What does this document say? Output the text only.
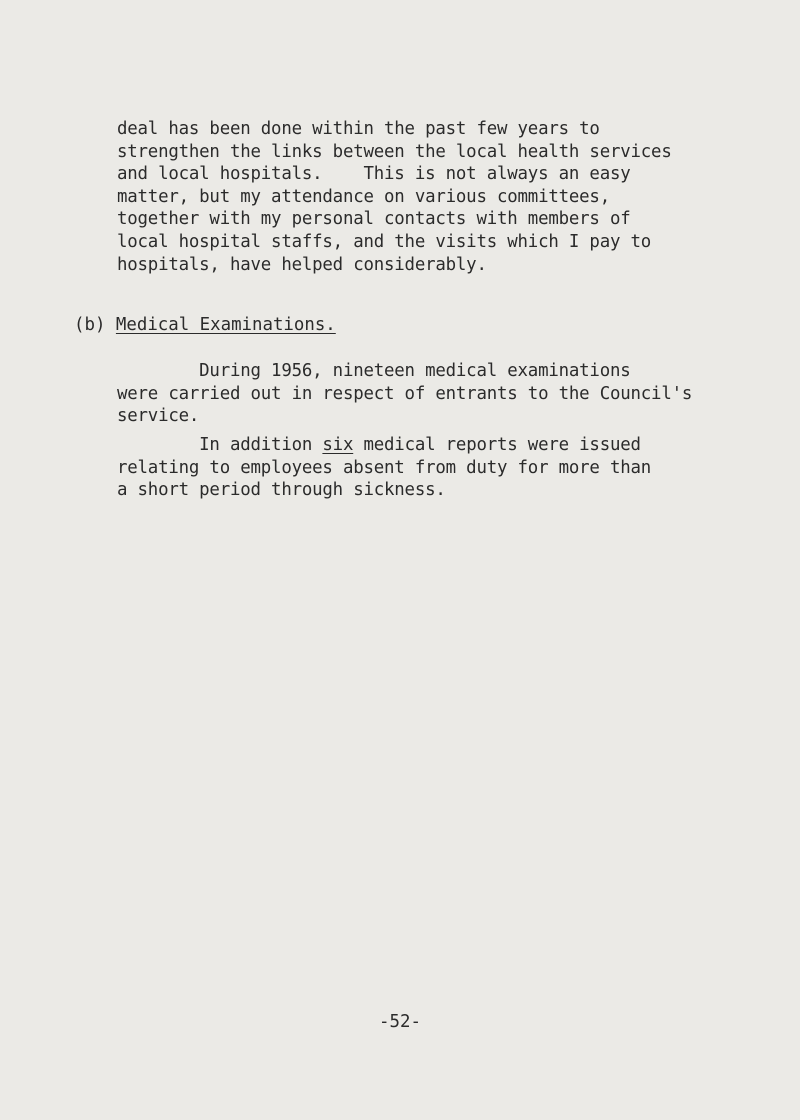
deal has been done within the past few years to
strengthen the links between the local health services
and local hospitals.    This is not always an easy
matter, but my attendance on various committees,
together with my personal contacts with members of
local hospital staffs, and the visits which I pay to
hospitals, have helped considerably.
(b) Medical Examinations.
During 1956, nineteen medical examinations
were carried out in respect of entrants to the Council's
service.
In addition six medical reports were issued
relating to employees absent from duty for more than
a short period through sickness.

-52-
